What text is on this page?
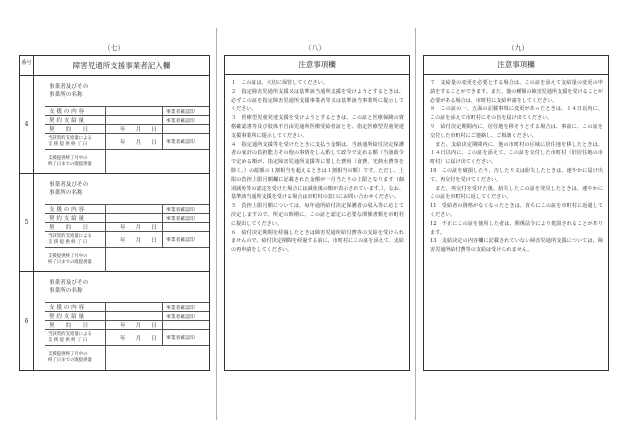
（七）	（八）	（九）
番号	障害児通所支援事業者記入欄
4
事業者及びその
事業所の名称
支 援 の 内 容	事業者確認印
契 約 支 給 量	事業者確認印
契　　約　　日	年 月 日
当該契約支給量による
支 援 提 供 終 了 日	年 月 日	事業者確認印
支援提供終了月中の
終了日までの既提供量
5
事業者及びその
事業所の名称
支 援 の 内 容	事業者確認印
契 約 支 給 量	事業者確認印
契　　約　　日	年 月 日
当該契約支給量による
支 援 提 供 終 了 日	年 月 日	事業者確認印
支援提供終了月中の
終了日までの既提供量
6
事業者及びその
事業所の名称
支 援 の 内 容	事業者確認印
契 約 支 給 量	事業者確認印
契　　約　　日	年 月 日
当該契約支給量による
支 援 提 供 終 了 日	年 月 日	事業者確認印
支援提供終了月中の
終了日までの既提供量
注意事項欄

１　この証は、大切に保管してください。

２　指定障害児通所支援又は基準該当通所支援を受けようとするときは、必ずこの証を指定障害児通所支援事業者等又は基準該当事業所に提示してください。

３　医療型児童発達支援を受けようとするときは、この証と医療保険の資格確認書等及び肢体不自由児通所医療受給者証とを、指定医療型児童発達支援事業所に提示してください。

４　指定通所支援等を受けたときに支払う金額は、当該通所給付決定保護者の家計の負担能力その他の事情をしん酌して政令で定める額（当該政令で定める額が、指定障害児通所支援等に要した費用（食費、光熱水費等を除く。）の総額の１割相当を超えるときは１割相当の額）です。ただし、上限の負担上限月額欄に記載された金額が一月当たりの上限となります（個別減免等の認定を受けた場合には減免後の額が表示されています。）。なお、基準該当通所支援を受ける場合は市町村の窓口にお問い合わせください。

５　負担上限月額については、毎年通所給付決定保護者の収入等に応じて決定しますので、所定の時期に、この証と認定に必要な関係書類を市町村に提出してください。

６　給付決定期間を経過したときは障害児通所給付費等の支給を受けられませんので、給付決定期間を経過する前に、市町村にこの証を添えて、支給の再申請をしてください。

注意事項欄

７　支給量の変更を必要とする場合は、この証を添えて支給量の変更の申請をすることができます。また、他の種類の障害児通所支援を受けることが必要がある場合は、市町村に支給申請をしてください。

８　この証の一、五面の記載事項に変更があったときは、１４日以内に、この証を添えて市町村にその旨を届け出てください。

９　給付決定期間内に、居住地を移そうとする場合は、事前に、この証を交付した市町村にご連絡し、ご相談ください。

　また、支給決定期間内に、他の市町村の区域に居住地を移したときは、１４日以内に、この証を添えて、この証を交付した市町村（旧居住地の市町村）に届け出てください。

10　この証を破損したり、汚したり又は紛失したときは、速やかに届け出て、再交付を受けてください。

　また、再交付を受けた後、紛失したこの証を発見したときは、速やかにこの証を市町村に返してください。

11　受給者の資格がなくなったときは、直ちにこの証を市町村に返還してください。

12　不正にこの証を使用した者は、関係法令により処罰されることがあります。

13　支給決定の内容欄に記載されていない障害児通所支援については、障害児通所給付費等の支給は受けられません。
